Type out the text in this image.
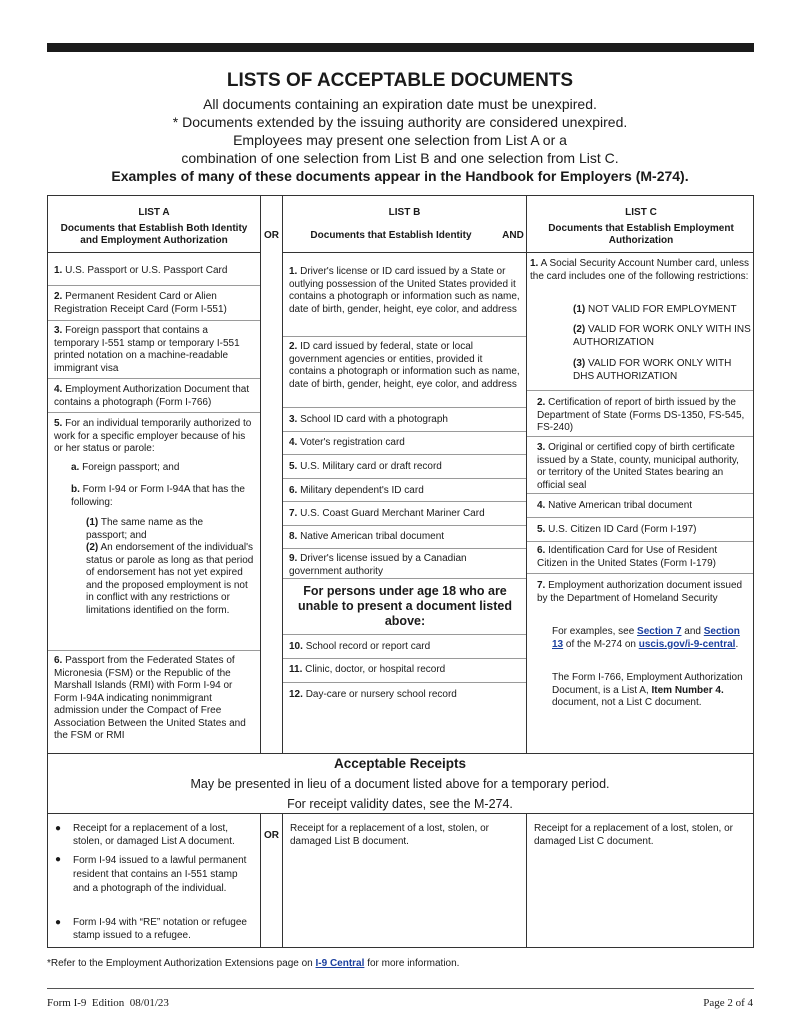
LISTS OF ACCEPTABLE DOCUMENTS
All documents containing an expiration date must be unexpired.
* Documents extended by the issuing authority are considered unexpired.
Employees may present one selection from List A or a
combination of one selection from List B and one selection from List C.
Examples of many of these documents appear in the Handbook for Employers (M-274).
LIST A
Documents that Establish Both Identity and Employment Authorization	OR
LIST B
Documents that Establish Identity	AND
LIST C
Documents that Establish Employment Authorization
1. U.S. Passport or U.S. Passport Card
2. Permanent Resident Card or Alien Registration Receipt Card (Form I-551)
3. Foreign passport that contains a temporary I-551 stamp or temporary I-551 printed notation on a machine-readable immigrant visa
4. Employment Authorization Document that contains a photograph (Form I-766)
5. For an individual temporarily authorized to work for a specific employer because of his or her status or parole:
a. Foreign passport; and
b. Form I-94 or Form I-94A that has the following:
(1) The same name as the passport; and
(2) An endorsement of the individual's status or parole as long as that period of endorsement has not yet expired and the proposed employment is not in conflict with any restrictions or limitations identified on the form.
6. Passport from the Federated States of Micronesia (FSM) or the Republic of the Marshall Islands (RMI) with Form I-94 or Form I-94A indicating nonimmigrant admission under the Compact of Free Association Between the United States and the FSM or RMI
1. Driver's license or ID card issued by a State or outlying possession of the United States provided it contains a photograph or information such as name, date of birth, gender, height, eye color, and address
2. ID card issued by federal, state or local government agencies or entities, provided it contains a photograph or information such as name, date of birth, gender, height, eye color, and address
3. School ID card with a photograph
4. Voter's registration card
5. U.S. Military card or draft record
6. Military dependent's ID card
7. U.S. Coast Guard Merchant Mariner Card
8. Native American tribal document
9. Driver's license issued by a Canadian government authority
For persons under age 18 who are unable to present a document listed above:
10. School record or report card
11. Clinic, doctor, or hospital record
12. Day-care or nursery school record
1. A Social Security Account Number card, unless the card includes one of the following restrictions:
(1) NOT VALID FOR EMPLOYMENT
(2) VALID FOR WORK ONLY WITH INS AUTHORIZATION
(3) VALID FOR WORK ONLY WITH DHS AUTHORIZATION
2. Certification of report of birth issued by the Department of State (Forms DS-1350, FS-545, FS-240)
3. Original or certified copy of birth certificate issued by a State, county, municipal authority, or territory of the United States bearing an official seal
4. Native American tribal document
5. U.S. Citizen ID Card (Form I-197)
6. Identification Card for Use of Resident Citizen in the United States (Form I-179)
7. Employment authorization document issued by the Department of Homeland Security
For examples, see Section 7 and Section 13 of the M-274 on uscis.gov/i-9-central.
The Form I-766, Employment Authorization Document, is a List A, Item Number 4. document, not a List C document.
● Receipt for a replacement of a lost, stolen, or damaged List A document.
● Form I-94 issued to a lawful permanent resident that contains an I-551 stamp and a photograph of the individual.
● Form I-94 with “RE” notation or refugee stamp issued to a refugee.
OR
Receipt for a replacement of a lost, stolen, or damaged List B document.
Receipt for a replacement of a lost, stolen, or damaged List C document.
Acceptable Receipts
May be presented in lieu of a document listed above for a temporary period.
For receipt validity dates, see the M-274.
*Refer to the Employment Authorization Extensions page on I-9 Central for more information.
Form I-9  Edition  08/01/23	Page 2 of 4
